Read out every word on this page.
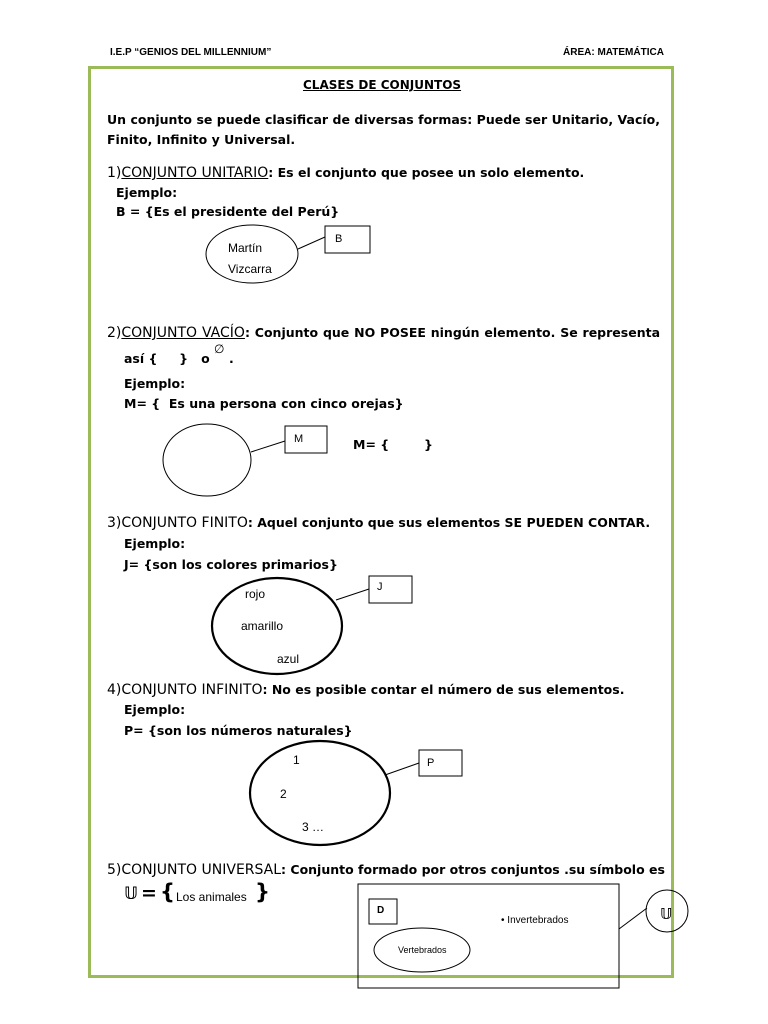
I.E.P “GENIOS DEL MILLENNIUM”	ÁREA: MATEMÁTICA
CLASES DE CONJUNTOS
Un conjunto se puede clasificar de diversas formas: Puede ser Unitario, Vacío,
Finito, Infinito y Universal.
1)CONJUNTO UNITARIO: Es el conjunto que posee un solo elemento.
Ejemplo:
B = {Es el presidente del Perú}
Martín
Vizcarra
B
2)CONJUNTO VACÍO: Conjunto que NO POSEE ningún elemento. Se representa
así {     }   o
∅
.
Ejemplo:
M= {  Es una persona con cinco orejas}
M	M= {        }
3)CONJUNTO FINITO: Aquel conjunto que sus elementos SE PUEDEN CONTAR.
Ejemplo:
J= {son los colores primarios}
rojo
amarillo
azul
J
4)CONJUNTO INFINITO: No es posible contar el número de sus elementos.
Ejemplo:
P= {son los números naturales}
1
2
3 …
P
5)CONJUNTO UNIVERSAL: Conjunto formado por otros conjuntos .su símbolo es
𝕌 = { Los animales }
D
Vertebrados
• Invertebrados	𝕌
